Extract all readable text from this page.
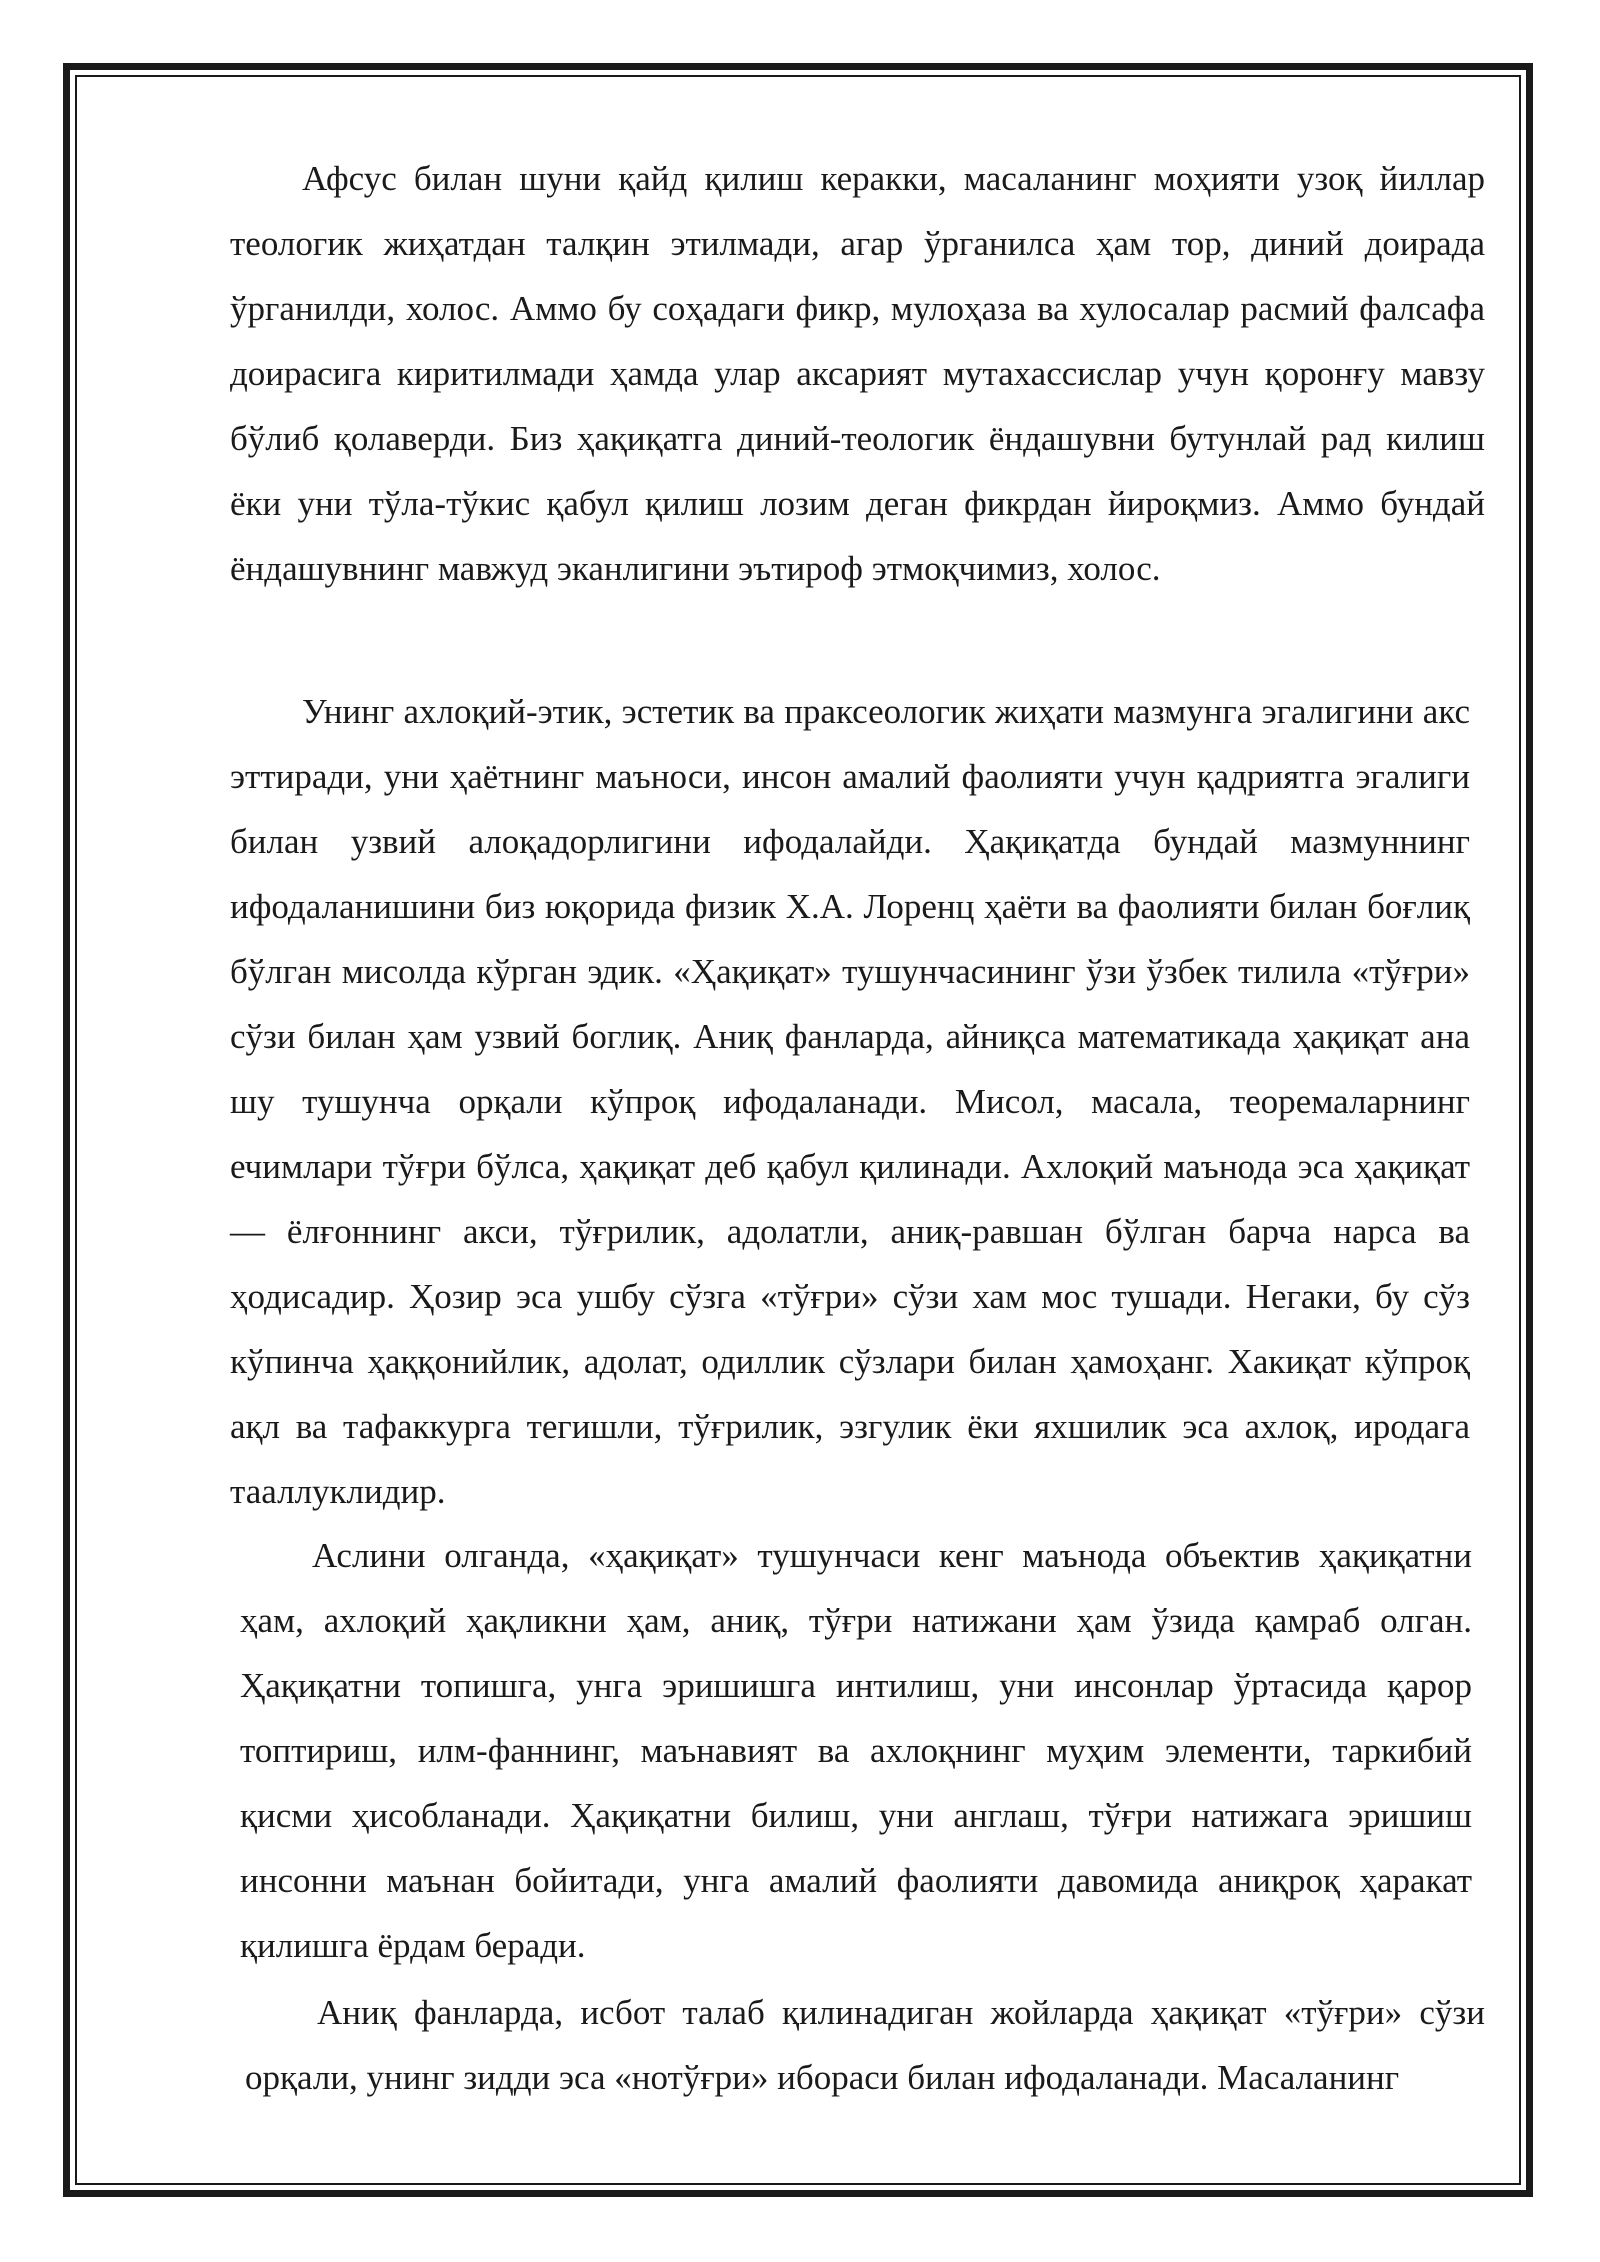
Афсус билан шуни қайд қилиш керакки, масаланинг моҳияти узоқ йиллар теологик жиҳатдан талқин этилмади, агар ўрганилса ҳам тор, диний доирада ўрганилди, холос. Аммо бу соҳадаги фикр, мулоҳаза ва хулосалар расмий фалсафа доирасига киритилмади ҳамда улар аксарият мутахассислар учун қоронғу мавзу бўлиб қолаверди. Биз ҳақиқатга диний-теологик ёндашувни бутунлай рад килиш ёки уни тўла-тўкис қабул қилиш лозим деган фикрдан йироқмиз. Аммо бундай ёндашувнинг мавжуд эканлигини эътироф этмоқчимиз, холос.

Унинг ахлоқий-этик, эстетик ва праксеологик жиҳати мазмунга эгалигини акс эттиради, уни ҳаётнинг маъноси, инсон амалий фаолияти учун қадриятга эгалиги билан узвий алоқадорлигини ифодалайди. Ҳақиқатда бундай мазмуннинг ифодаланишини биз юқорида физик Х.А. Лоренц ҳаёти ва фаолияти билан боғлиқ бўлган мисолда кўрган эдик. «Ҳақиқат» тушунчасининг ўзи ўзбек тилила «тўғри» сўзи билан ҳам узвий боглиқ. Аниқ фанларда, айниқса математикада ҳақиқат ана шу тушунча орқали кўпроқ ифодаланади. Мисол, масала, теоремаларнинг ечимлари тўғри бўлса, ҳақиқат деб қабул қилинади. Ахлоқий маънода эса ҳақиқат — ёлғоннинг акси, тўғрилик, адолатли, аниқ-равшан бўлган барча нарса ва ҳодисадир. Ҳозир эса ушбу сўзга «тўғри» сўзи хам мос тушади. Негаки, бу сўз кўпинча ҳаққонийлик, адолат, одиллик сўзлари билан ҳамоҳанг. Хакиқат кўпроқ ақл ва тафаккурга тегишли, тўғрилик, эзгулик ёки яхшилик эса ахлоқ, иродага тааллуклидир.

Аслини олганда, «ҳақиқат» тушунчаси кенг маънода объектив ҳақиқатни ҳам, ахлоқий ҳақликни ҳам, аниқ, тўғри натижани ҳам ўзида қамраб олган. Ҳақиқатни топишга, унга эришишга интилиш, уни инсонлар ўртасида қарор топтириш, илм-фаннинг, маънавият ва ахлоқнинг муҳим элементи, таркибий қисми ҳисобланади. Ҳақиқатни билиш, уни англаш, тўғри натижага эришиш инсонни маънан бойитади, унга амалий фаолияти давомида аниқроқ ҳаракат қилишга ёрдам беради.

Аниқ фанларда, исбот талаб қилинадиган жойларда ҳақиқат «тўғри» сўзи орқали, унинг зидди эса «нотўғри» ибораси билан ифодаланади. Масаланинг
